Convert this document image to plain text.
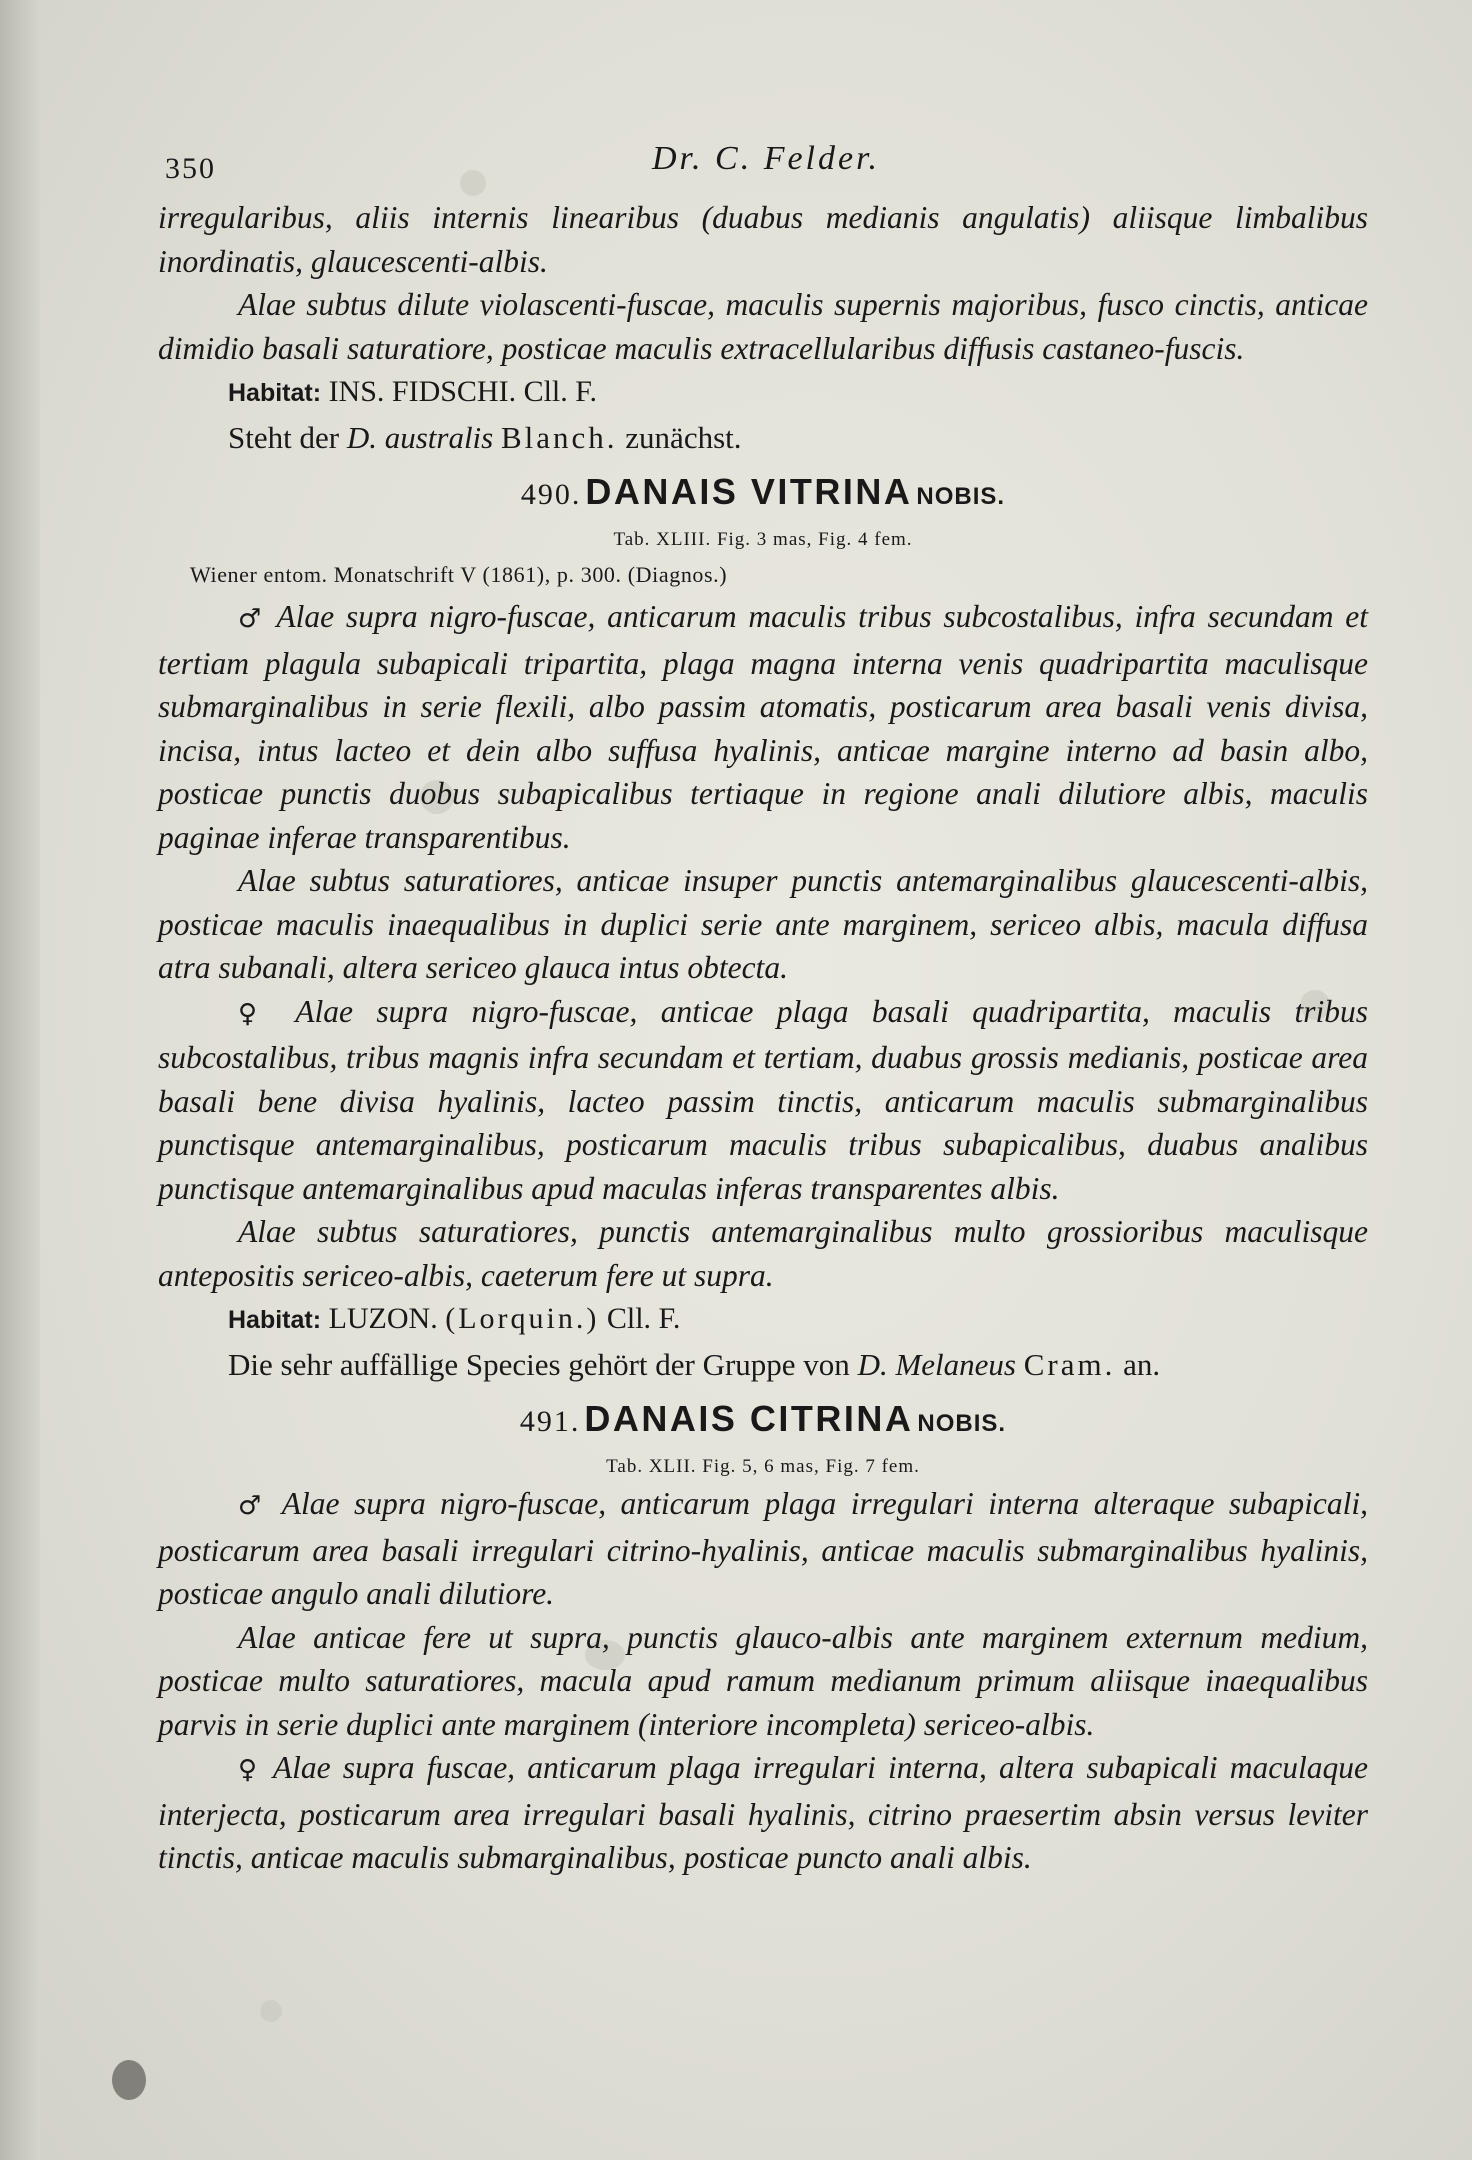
350	Dr. C. Felder.

irregularibus, aliis internis linearibus (duabus medianis angulatis) aliisque limbalibus inordinatis, glaucescenti-albis.

Alae subtus dilute violascenti-fuscae, maculis supernis majoribus, fusco cinctis, anticae dimidio basali saturatiore, posticae maculis extracellularibus diffusis castaneo-fuscis.

Habitat: INS. FIDSCHI. Cll. F.

Steht der D. australis Blanch. zunächst.

490. DANAIS VITRINA NOBIS.

Tab. XLIII. Fig. 3 mas, Fig. 4 fem.

Wiener entom. Monatschrift V (1861), p. 300. (Diagnos.)

♂ Alae supra nigro-fuscae, anticarum maculis tribus subcostalibus, infra secundam et tertiam plagula subapicali tripartita, plaga magna interna venis quadripartita maculisque submarginalibus in serie flexili, albo passim atomatis, posticarum area basali venis divisa, incisa, intus lacteo et dein albo suffusa hyalinis, anticae margine interno ad basin albo, posticae punctis duobus subapicalibus tertiaque in regione anali dilutiore albis, maculis paginae inferae transparentibus.

Alae subtus saturatiores, anticae insuper punctis antemarginalibus glaucescenti-albis, posticae maculis inaequalibus in duplici serie ante marginem, sericeo albis, macula diffusa atra subanali, altera sericeo glauca intus obtecta.

♀ Alae supra nigro-fuscae, anticae plaga basali quadripartita, maculis tribus subcostalibus, tribus magnis infra secundam et tertiam, duabus grossis medianis, posticae area basali bene divisa hyalinis, lacteo passim tinctis, anticarum maculis submarginalibus punctisque antemarginalibus, posticarum maculis tribus subapicalibus, duabus analibus punctisque antemarginalibus apud maculas inferas transparentes albis.

Alae subtus saturatiores, punctis antemarginalibus multo grossioribus maculisque antepositis sericeo-albis, caeterum fere ut supra.

Habitat: LUZON. (Lorquin.) Cll. F.

Die sehr auffällige Species gehört der Gruppe von D. Melaneus Cram. an.

491. DANAIS CITRINA NOBIS.

Tab. XLII. Fig. 5, 6 mas, Fig. 7 fem.

♂ Alae supra nigro-fuscae, anticarum plaga irregulari interna alteraque subapicali, posticarum area basali irregulari citrino-hyalinis, anticae maculis submarginalibus hyalinis, posticae angulo anali dilutiore.

Alae anticae fere ut supra, punctis glauco-albis ante marginem externum medium, posticae multo saturatiores, macula apud ramum medianum primum aliisque inaequalibus parvis in serie duplici ante marginem (interiore incompleta) sericeo-albis.

♀ Alae supra fuscae, anticarum plaga irregulari interna, altera subapicali maculaque interjecta, posticarum area irregulari basali hyalinis, citrino praesertim absin versus leviter tinctis, anticae maculis submarginalibus, posticae puncto anali albis.
